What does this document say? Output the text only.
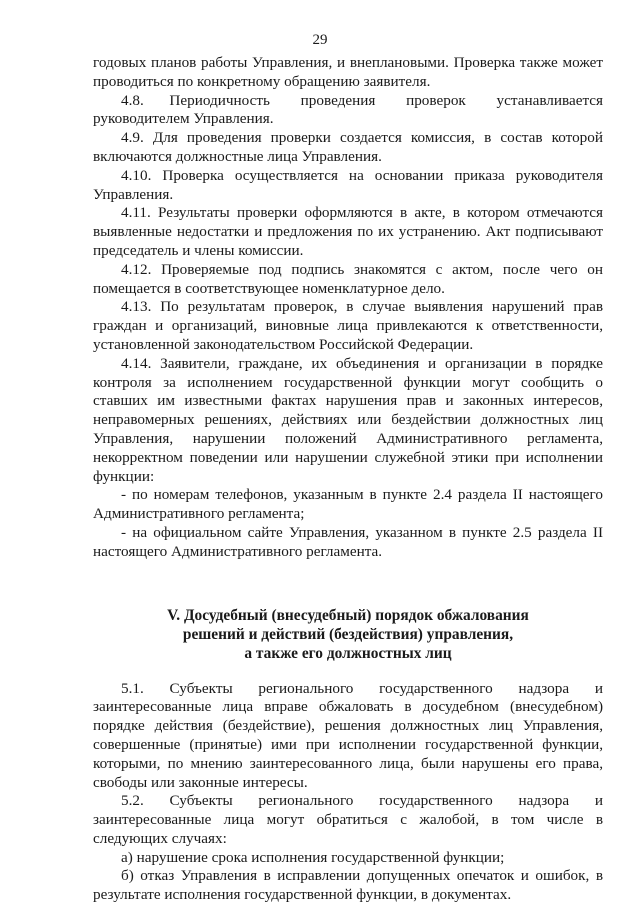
29

годовых планов работы Управления, и внеплановыми. Проверка также может проводиться по конкретному обращению заявителя.

4.8.     Периодичность      проведения      проверок      устанавливается руководителем Управления.

4.9. Для проведения проверки создается комиссия, в состав которой включаются должностные лица Управления.

4.10. Проверка осуществляется на основании приказа руководителя Управления.

4.11. Результаты проверки оформляются в акте, в котором отмечаются выявленные недостатки и предложения по их устранению. Акт подписывают председатель и члены комиссии.

4.12. Проверяемые под подпись знакомятся с актом, после чего он помещается в соответствующее номенклатурное дело.

4.13. По результатам проверок, в случае выявления нарушений прав граждан и организаций, виновные лица привлекаются к ответственности, установленной законодательством Российской Федерации.

4.14. Заявители, граждане, их объединения и организации в порядке контроля за исполнением государственной функции могут сообщить о ставших им известными фактах нарушения прав и законных интересов, неправомерных решениях, действиях или бездействии должностных лиц Управления, нарушении положений Административного регламента, некорректном поведении или нарушении служебной этики при исполнении функции:

- по номерам телефонов, указанным в пункте 2.4 раздела II настоящего Административного регламента;

- на официальном сайте Управления, указанном в пункте 2.5 раздела II настоящего Административного регламента.

V. Досудебный (внесудебный) порядок обжалования
решений и действий (бездействия) управления,
а также его должностных лиц

5.1.      Субъекты      регионального      государственного      надзора      и заинтересованные лица вправе обжаловать в досудебном (внесудебном) порядке действия (бездействие), решения должностных лиц Управления, совершенные (принятые) ими при исполнении государственной функции, которыми, по мнению заинтересованного лица, были нарушены его права, свободы или законные интересы.

5.2.      Субъекты      регионального      государственного      надзора      и заинтересованные лица могут обратиться с жалобой, в том числе в следующих случаях:

а) нарушение срока исполнения государственной функции;

б) отказ Управления в исправлении допущенных опечаток и ошибок, в результате исполнения государственной функции, в документах.
